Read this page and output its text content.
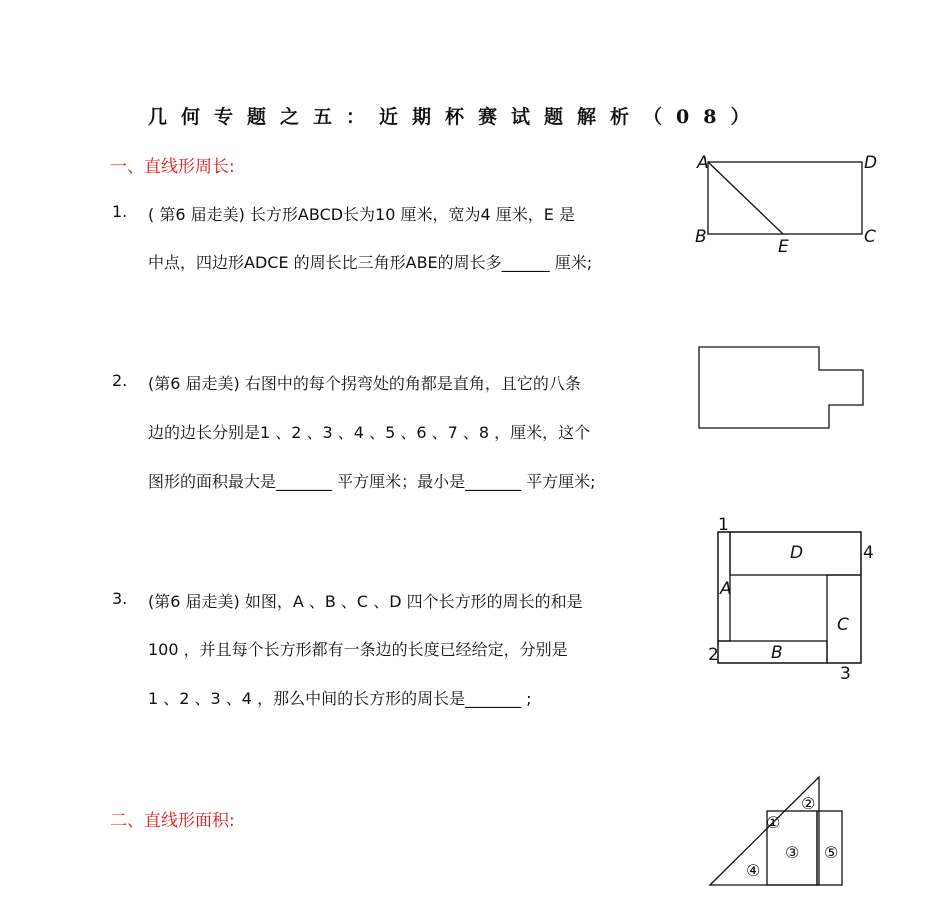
几何专题之五：近期杯赛试题解析（08）
一、直线形周长:
1. ( 第6 届走美) 长方形ABCD长为10 厘米，宽为4 厘米，E 是
中点，四边形ADCE 的周长比三角形ABE的周长多______ 厘米;
2. (第6 届走美) 右图中的每个拐弯处的角都是直角，且它的八条
边的边长分别是1 、2 、3 、4 、5 、6 、7 、8 ，厘米，这个
图形的面积最大是_______ 平方厘米；最小是_______ 平方厘米;
3. (第6 届走美) 如图，A 、B 、C 、D 四个长方形的周长的和是
100 ，并且每个长方形都有一条边的长度已经给定，分别是
1 、2 、3 、4 ，那么中间的长方形的周长是_______ ;
二、直线形面积:
A	D
B	E	C
1
D	4
A
C
2	B
3
②
①
③ ⑤
④
